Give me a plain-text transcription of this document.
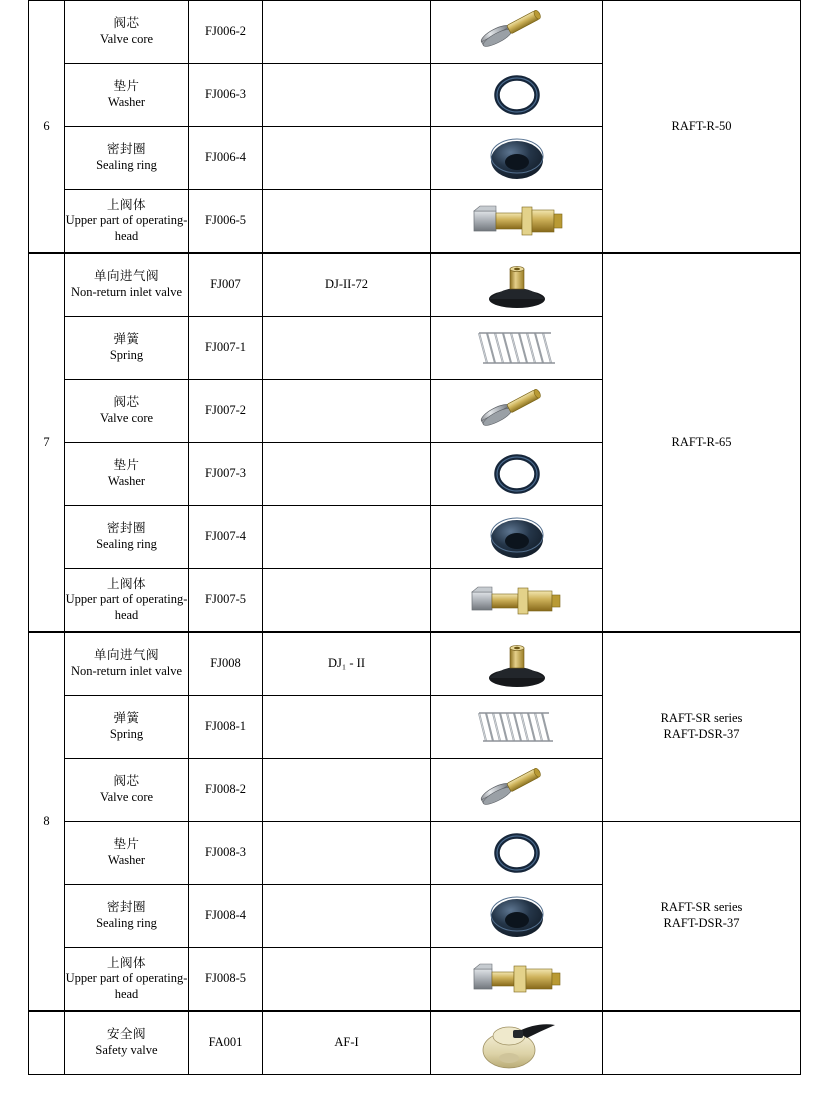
6	阀芯
Valve core	FJ006-2			RAFT-R-50

	垫片
Washer	FJ006-3		

	密封圈
Sealing ring	FJ006-4		

	上阀体
Upper part of operating-head	FJ006-5		

7	单向进气阀
Non-return inlet valve	FJ007	DJ-II-72		RAFT-R-65

	弹簧
Spring	FJ007-1		

	阀芯
Valve core	FJ007-2		

	垫片
Washer	FJ007-3		

	密封圈
Sealing ring	FJ007-4		

	上阀体
Upper part of operating-head	FJ007-5		

8	单向进气阀
Non-return inlet valve	FJ008	DJ₁ - II		RAFT-SR series
RAFT-DSR-37

	弹簧
Spring	FJ008-1		

	阀芯
Valve core	FJ008-2		

	垫片
Washer	FJ008-3			RAFT-SR series
RAFT-DSR-37

	密封圈
Sealing ring	FJ008-4		

	上阀体
Upper part of operating-head	FJ008-5		

	安全阀
Safety valve	FA001	AF-I	
